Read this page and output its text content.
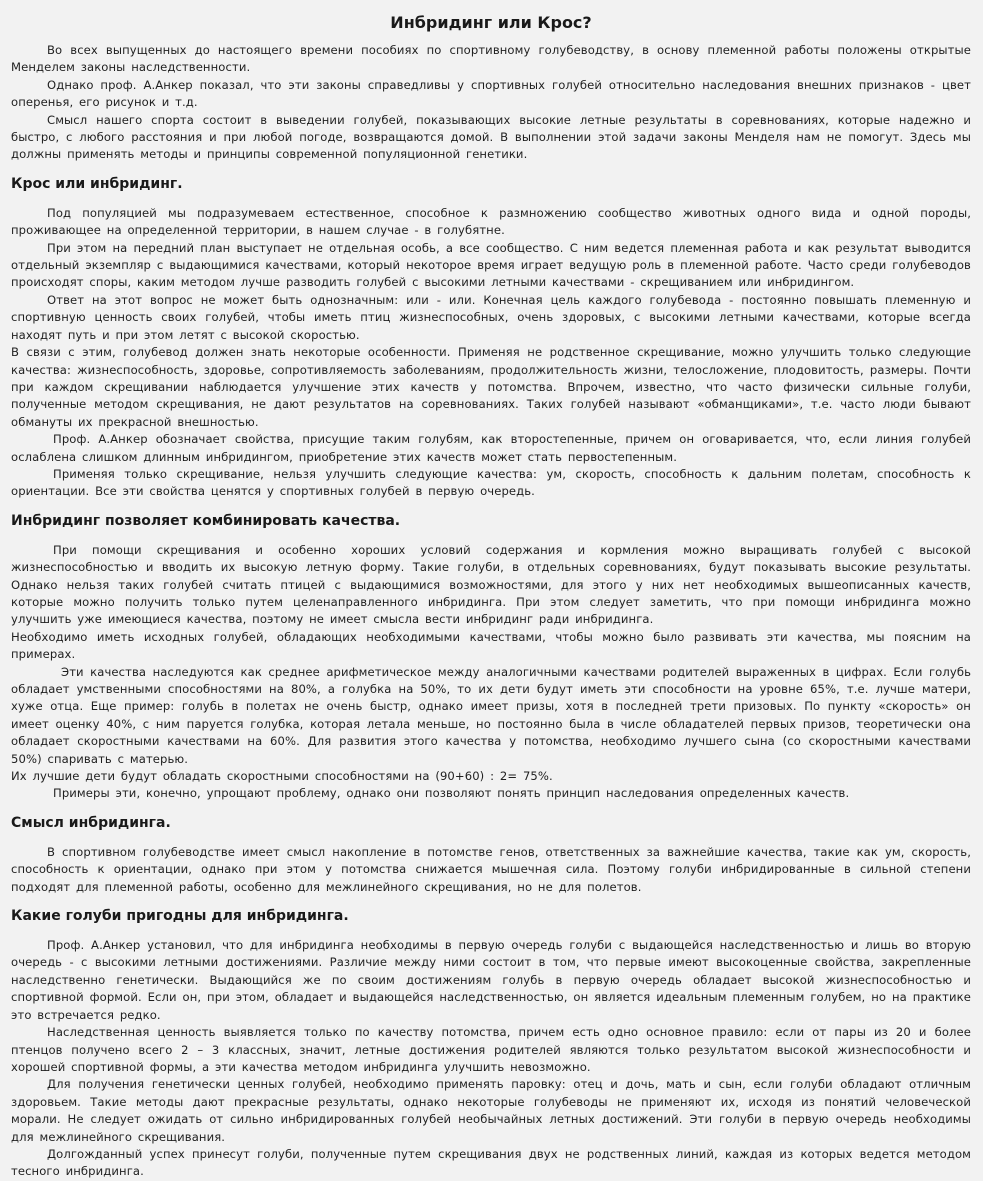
Инбридинг или Крос?

Во всех выпущенных до настоящего времени пособиях по спортивному голубеводству, в основу племенной работы положены открытые Менделем законы наследственности.

Однако проф. А.Анкер показал, что эти законы справедливы у спортивных голубей относительно наследования внешних признаков - цвет оперенья, его рисунок и т.д.

Смысл нашего спорта состоит в выведении голубей, показывающих высокие летные результаты в соревнованиях, которые надежно и быстро, с любого расстояния и при любой погоде, возвращаются домой. В выполнении этой задачи законы Менделя нам не помогут. Здесь мы должны применять методы и принципы современной популяционной генетики.

Крос или инбридинг.

Под популяцией мы подразумеваем естественное, способное к размножению сообщество животных одного вида и одной породы, проживающее на определенной территории, в нашем случае - в голубятне.

При этом на передний план выступает не отдельная особь, а все сообщество. С ним ведется племенная работа и как результат выводится отдельный экземпляр с выдающимися качествами, который некоторое время играет ведущую роль в племенной работе. Часто среди голубеводов происходят споры, каким методом лучше разводить голубей с высокими летными качествами - скрещиванием или инбридингом.

Ответ на этот вопрос не может быть однозначным: или - или. Конечная цель каждого голубевода - постоянно повышать племенную и спортивную ценность своих голубей, чтобы иметь птиц жизнеспособных, очень здоровых, с высокими летными качествами, которые всегда находят путь и при этом летят с высокой скоростью.

В связи с этим, голубевод должен знать некоторые особенности. Применяя не родственное скрещивание, можно улучшить только следующие качества: жизнеспособность, здоровье, сопротивляемость заболеваниям, продолжительность жизни, телосложение, плодовитость, размеры. Почти при каждом скрещивании наблюдается улучшение этих качеств у потомства. Впрочем, известно, что часто физически сильные голуби, полученные методом скрещивания, не дают результатов на соревнованиях. Таких голубей называют «обманщиками», т.е. часто люди бывают обмануты их прекрасной внешностью.

Проф. А.Анкер обозначает свойства, присущие таким голубям, как второстепенные, причем он оговаривается, что, если линия голубей ослаблена слишком длинным инбридингом, приобретение этих качеств может стать первостепенным.

Применяя только скрещивание, нельзя улучшить следующие качества: ум, скорость, способность к дальним полетам, способность к ориентации. Все эти свойства ценятся у спортивных голубей в первую очередь.

Инбридинг позволяет комбинировать качества.

При помощи скрещивания и особенно хороших условий содержания и кормления можно выращивать голубей с высокой жизнеспособностью и вводить их высокую летную форму. Такие голуби, в отдельных соревнованиях, будут показывать высокие результаты. Однако нельзя таких голубей считать птицей с выдающимися возможностями, для этого у них нет необходимых вышеописанных качеств, которые можно получить только путем целенаправленного инбридинга. При этом следует заметить, что при помощи инбридинга можно улучшить уже имеющиеся качества, поэтому не имеет смысла вести инбридинг ради инбридинга.

Необходимо иметь исходных голубей, обладающих необходимыми качествами, чтобы можно было развивать эти качества, мы поясним на примерах.

Эти качества наследуются как среднее арифметическое между аналогичными качествами родителей выраженных в цифрах. Если голубь обладает умственными способностями на 80%, а голубка на 50%, то их дети будут иметь эти способности на уровне 65%, т.е. лучше матери, хуже отца. Еще пример: голубь в полетах не очень быстр, однако имеет призы, хотя в последней трети призовых. По пункту «скорость» он имеет оценку 40%, с ним паруется голубка, которая летала меньше, но постоянно была в числе обладателей первых призов, теоретически она обладает скоростными качествами на 60%. Для развития этого качества у потомства, необходимо лучшего сына (со скоростными качествами 50%) спаривать с матерью.

Их лучшие дети будут обладать скоростными способностями на (90+60) : 2= 75%.

Примеры эти, конечно, упрощают проблему, однако они позволяют понять принцип наследования определенных качеств.

Смысл инбридинга.

В спортивном голубеводстве имеет смысл накопление в потомстве генов, ответственных за важнейшие качества, такие как ум, скорость, способность к ориентации, однако при этом у потомства снижается мышечная сила. Поэтому голуби инбридированные в сильной степени подходят для племенной работы, особенно для межлинейного скрещивания, но не для полетов.

Какие голуби пригодны для инбридинга.

Проф. А.Анкер установил, что для инбридинга необходимы в первую очередь голуби с выдающейся наследственностью и лишь во вторую очередь - с высокими летными достижениями. Различие между ними состоит в том, что первые имеют высокоценные свойства, закрепленные наследственно генетически. Выдающийся же по своим достижениям голубь в первую очередь обладает высокой жизнеспособностью и спортивной формой. Если он, при этом, обладает и выдающейся наследственностью, он является идеальным племенным голубем, но на практике это встречается редко.

Наследственная ценность выявляется только по качеству потомства, причем есть одно основное правило: если от пары из 20 и более птенцов получено всего 2 – 3 классных, значит, летные достижения родителей являются только результатом высокой жизнеспособности и хорошей спортивной формы, а эти качества методом инбридинга улучшить невозможно.

Для получения генетически ценных голубей, необходимо применять паровку: отец и дочь, мать и сын, если голуби обладают отличным здоровьем. Такие методы дают прекрасные результаты, однако некоторые голубеводы не применяют их, исходя из понятий человеческой морали. Не следует ожидать от сильно инбридированных голубей необычайных летных достижений. Эти голуби в первую очередь необходимы для межлинейного скрещивания.

Долгожданный успех принесут голуби, полученные путем скрещивания двух не родственных линий, каждая из которых ведется методом тесного инбридинга.
